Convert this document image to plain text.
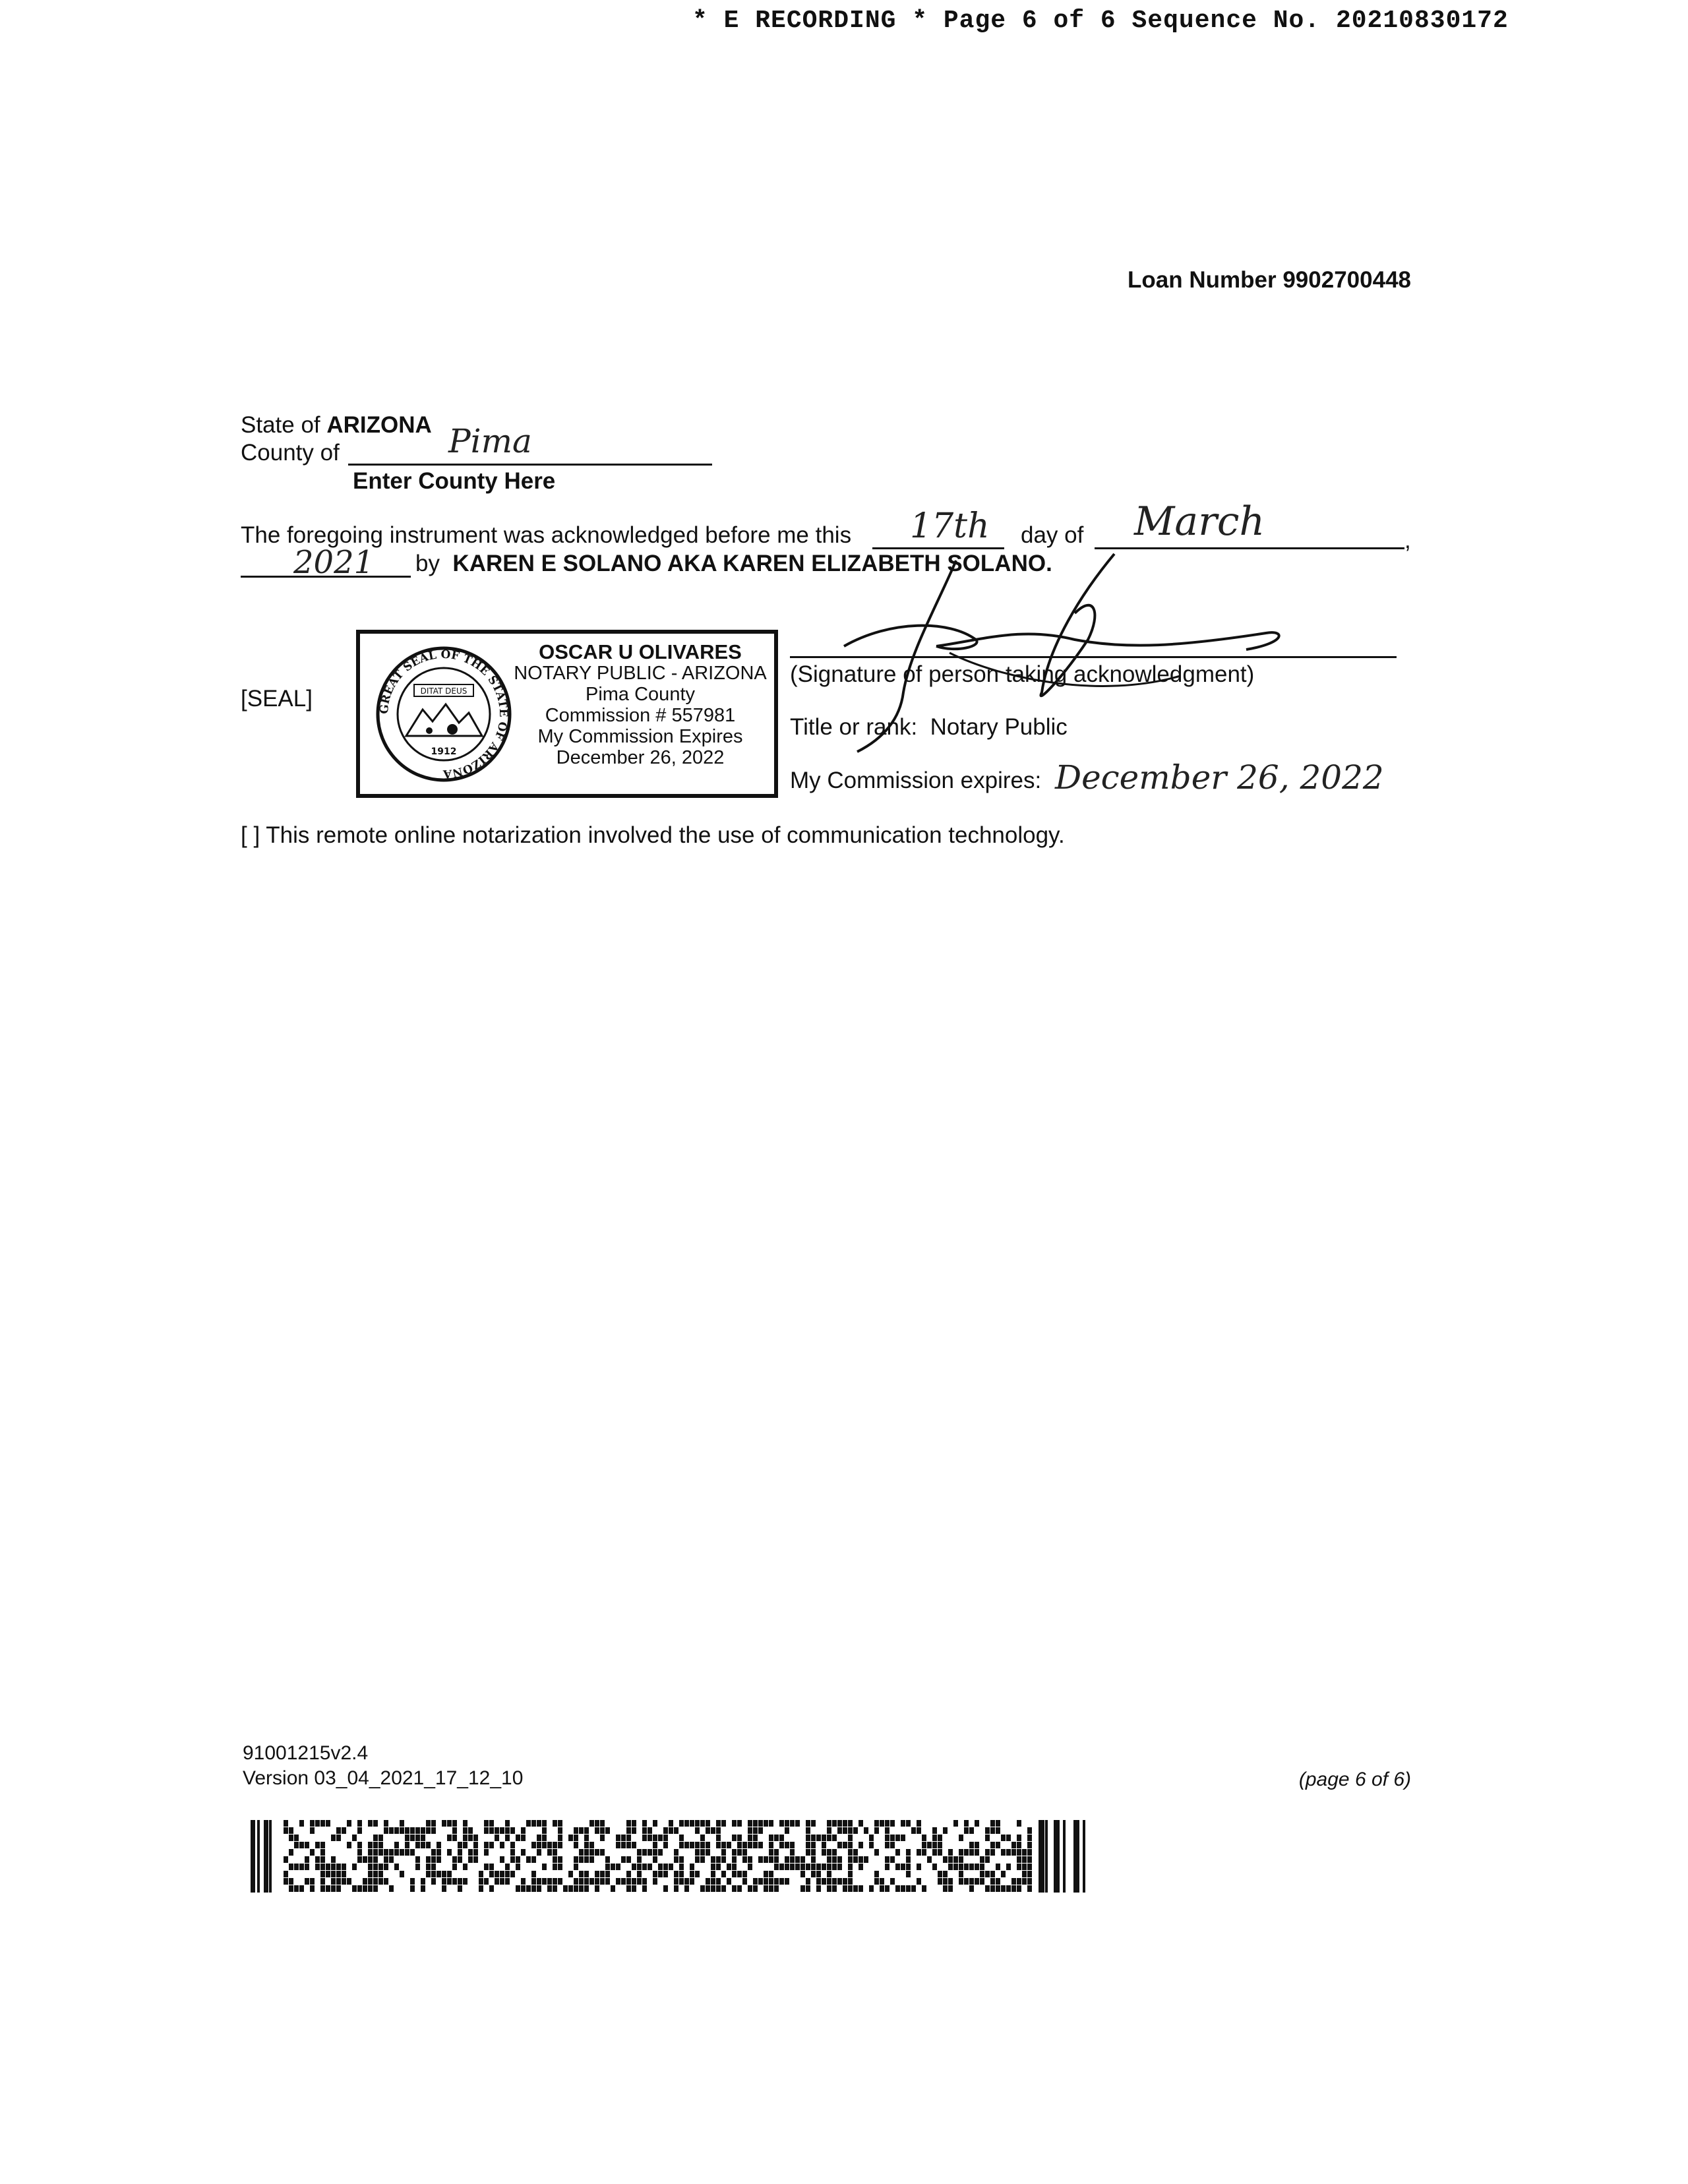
* E RECORDING * Page 6 of 6 Sequence No. 20210830172
Loan Number 9902700448
State of ARIZONA
County of	Pima
Enter County Here
The foregoing instrument was acknowledged before me this 17th day of March	,
2021 by KAREN E SOLANO AKA KAREN ELIZABETH SOLANO.
[SEAL]	GREAT SEAL OF THE STATE OF ARIZONA
DITAT DEUS
1912
OSCAR U OLIVARES
NOTARY PUBLIC - ARIZONA
Pima County
Commission # 557981
My Commission Expires
December 26, 2022
(Signature of person taking acknowledgment)
Title or rank: Notary Public
My Commission expires: December 26, 2022
[ ] This remote online notarization involved the use of communication technology.
91001215v2.4
Version 03_04_2021_17_12_10	(page 6 of 6)
